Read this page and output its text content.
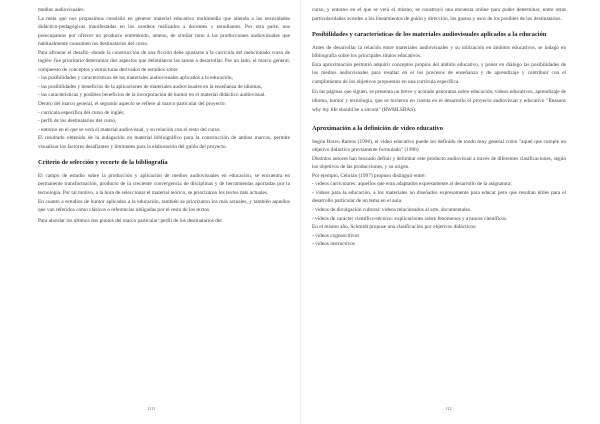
medios audiovisuales.

La meta que nos propusimos consistió en generar material educativo multimedia que atienda a las necesidades didáctico-pedagógicas manifestadas en los sondeos realizados a docentes y estudiantes. Por otra parte, nos preocupamos por ofrecer un producto entretenido, ameno, de similar tono a las producciones audiovisuales que habitualmente consumen los destinatarios del curso.

Para afrontar el desafío -donde la construcción de una ficción debe ajustarse a la currícula del mencionado curso de inglés- fue prioritario determinar dos aspectos que delimitaron las tareas a desarrollar. Por un lado, el marco general, compuesto de conceptos y estructuras derivados de estudios sobre

- las posibilidades y características de los materiales audiovisuales aplicados a la educación,

- las posibilidades y beneficios de la aplicaciones de materiales audiovisuales en la enseñanza de idiomas,

- las características y posibles beneficios de la incorporación de humor en el material didáctico audiovisual.

Dentro del marco general, el segundo aspecto se refiere al marco particular del proyecto:

- currícula específica del curso de inglés,

- perfil de los destinatarios del curso,

- entorno en el que se verá el material audiovisual, y su relación con el resto del curso.

El resultado obtenido de la indagación en material bibliográfico para la construcción de ambos marcos, permite visualizar los factores desafiantes y limitantes para la elaboración del guión del proyecto.

Criterio de selección y recorte de la bibliografía

El campo de estudio sobre la producción y aplicación de medios audiovisuales en educación, se encuentra en permanente transformación, producto de la creciente convergencia de disciplinas y de herramientas aportadas por la tecnología. Por tal motivo, a la hora de seleccionar el material teórico, se priorizaron los textos más actuales.

En cuanto a estudios de humor aplicados a la educación, también se priorizaron los más actuales, y también aquellos que van referidos como clásicos o referencias obligadas por el resto de los textos.

Para abordar los últimos dos puntos del marco particular: perfil de los destinatarios del

1111

curso, y entorno en el que se verá el mismo, se construyó una encuesta online para poder determinar, entre otras particularidades acordes a los lineamientos de guión y dirección, los gustos y usos de los posibles de los destinatarios.

Posibilidades y características de los materiales audiovisuales aplicados a la educación

Antes de desarrollar la relación entre materiales audiovisuales y su utilización en ámbitos educativos, se indagó en bibliografía sobre los principales títulos educativos.

Esta aproximación permitió adquirir conceptos propios del ámbito educativo, y poner en diálogo las posibilidades de los medios audiovisuales para resaltar en el los procesos de enseñanza y de aprendizaje y contribuir con el cumplimiento de los objetivos propuestos en una currícula específica.

En las páginas que siguen, se presenta un breve y acotado panorama sobre educación, videos educativos, aprendizaje de idioma, humor y tecnología, que se tuvieron en cuenta en el desarrollo el proyecto audiovisual y educativo "Reasons why my life should be a sitcom" (RWMLSBAS).

Aproximación a la definición de video educativo

Según Bravo Ramos (1996), el video educativo puede ser definido de modo muy general como "aquel que cumple un objetivo didáctico previamente formulado" (1996)

Distintos autores han buscado definir y delimitar este producto audiovisual a través de diferentes clasificaciones, según los objetivos de las producciones, y su origen.

Por ejemplo, Cebrián (1997) propuso distinguir entre:

- videos curriculares: aquellos que eran adaptados expresamente al desarrollo de la asignatura;

- videos para la educación, a los materiales no diseñados expresamente para educar pero que resultan útiles para el desarrollo particular de un tema en el aula.

- videos de divulgación cultural: videos relacionados al arte, documentales.

- videos de carácter científico-técnico: explicaciones sobre fenómenos y avances científicos.

En el mismo año, Schmidt propuse una clasificación por objetivos didácticos:

- videos cognoscitivos

- videos instructivos

112
